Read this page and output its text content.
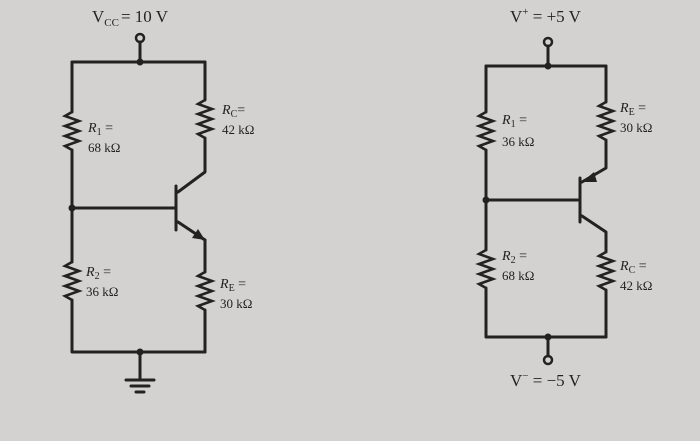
$V_{CC} = 10$ V
$R_1$ =
68 kΩ
$R_C=$
42 kΩ
$R_2$ =
36 kΩ	$R_E$ =
30 kΩ
V+ = +5 V
V− = −5 V
$R_1$ =
36 kΩ
$R_E$ =
30 kΩ
$R_2$ =
68 kΩ
$R_C$ =
42 kΩ
